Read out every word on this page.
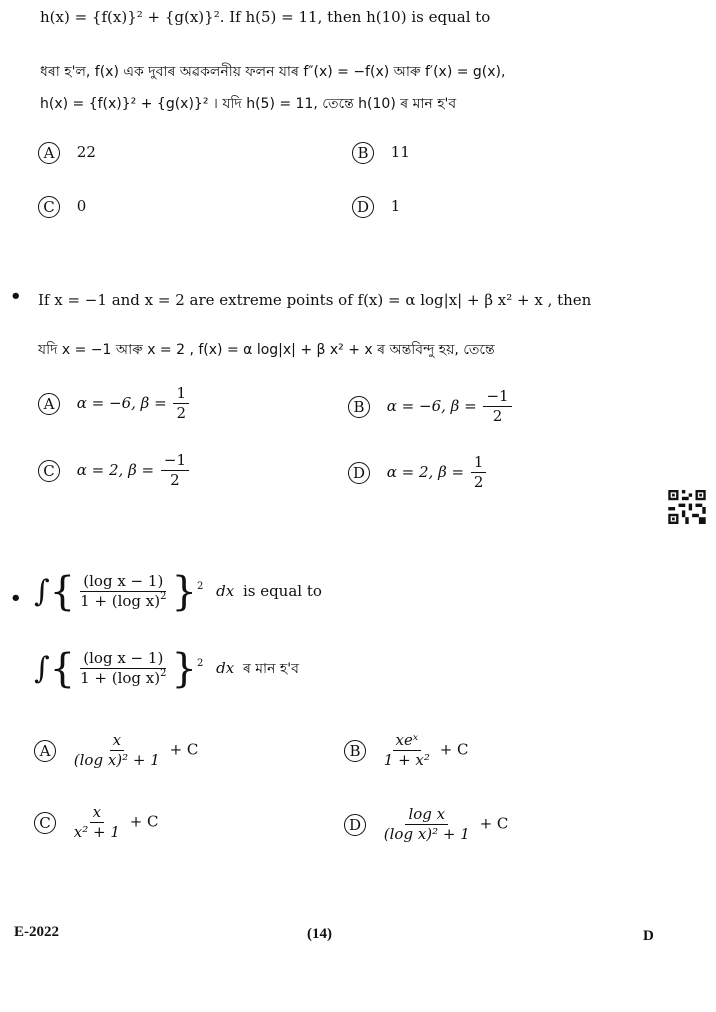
h(x) = {f(x)}² + {g(x)}². If h(5) = 11, then h(10) is equal to
ধৰা হ'ল, f(x) এক দুবাৰ অৱকলনীয় ফলন যাৰ f″(x) = −f(x) আৰু f′(x) = g(x),
h(x) = {f(x)}² + {g(x)}² । যদি h(5) = 11, তেন্তে h(10) ৰ মান হ'ব
A 22	B 11
C 0	D 1
• If x = −1 and x = 2 are extreme points of f(x) = α log|x| + β x² + x , then
যদি x = −1 আৰু x = 2 , f(x) = α log|x| + β x² + x ৰ অন্তবিন্দু হয়, তেন্তে
A α = −6, $\beta = \frac{1}{2}$	B α = −6, $\beta = \frac{-1}{2}$
C α = 2, $\beta = \frac{-1}{2}$	D α = 2, $\beta = \frac{1}{2}$
• ∫{ $\frac{\text{(log x − 1)}}{1 + (\log x)^2} \}^2$ dx is equal to
∫{ $\frac{\text{(log x − 1)}}{1 + (\log x)^2} \}^2$ dx ৰ মান হ'ব
A $\frac{x}{\text{(log x)² + 1}} + C$	B $\frac{\text{xeˣ}}{\text{1 + x²}} + C$
C $\frac{x}{\text{x² + 1}} + C$	D $\frac{\text{log x}}{\text{(log x)² + 1}} + C$
E-2022	(14)	D
